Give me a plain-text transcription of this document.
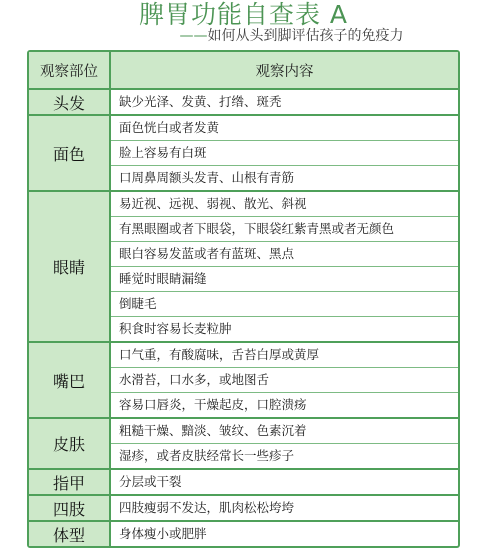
脾胃功能自查表 A
——如何从头到脚评估孩子的免疫力
观察部位	观察内容
头发	缺少光泽、发黄、打绺、斑秃
面色
面色恍白或者发黄
脸上容易有白斑
口周鼻周额头发青、山根有青筋
眼睛
易近视、远视、弱视、散光、斜视
有黑眼圈或者下眼袋，下眼袋红紫青黑或者无颜色
眼白容易发蓝或者有蓝斑、黑点
睡觉时眼睛漏缝
倒睫毛
积食时容易长麦粒肿
嘴巴
口气重，有酸腐味，舌苔白厚或黄厚
水滑苔，口水多，或地图舌
容易口唇炎，干燥起皮，口腔溃疡
皮肤
粗糙干燥、黯淡、皱纹、色素沉着
湿疹，或者皮肤经常长一些疹子
指甲	分层或干裂
四肢	四肢瘦弱不发达，肌肉松松垮垮
体型	身体瘦小或肥胖
